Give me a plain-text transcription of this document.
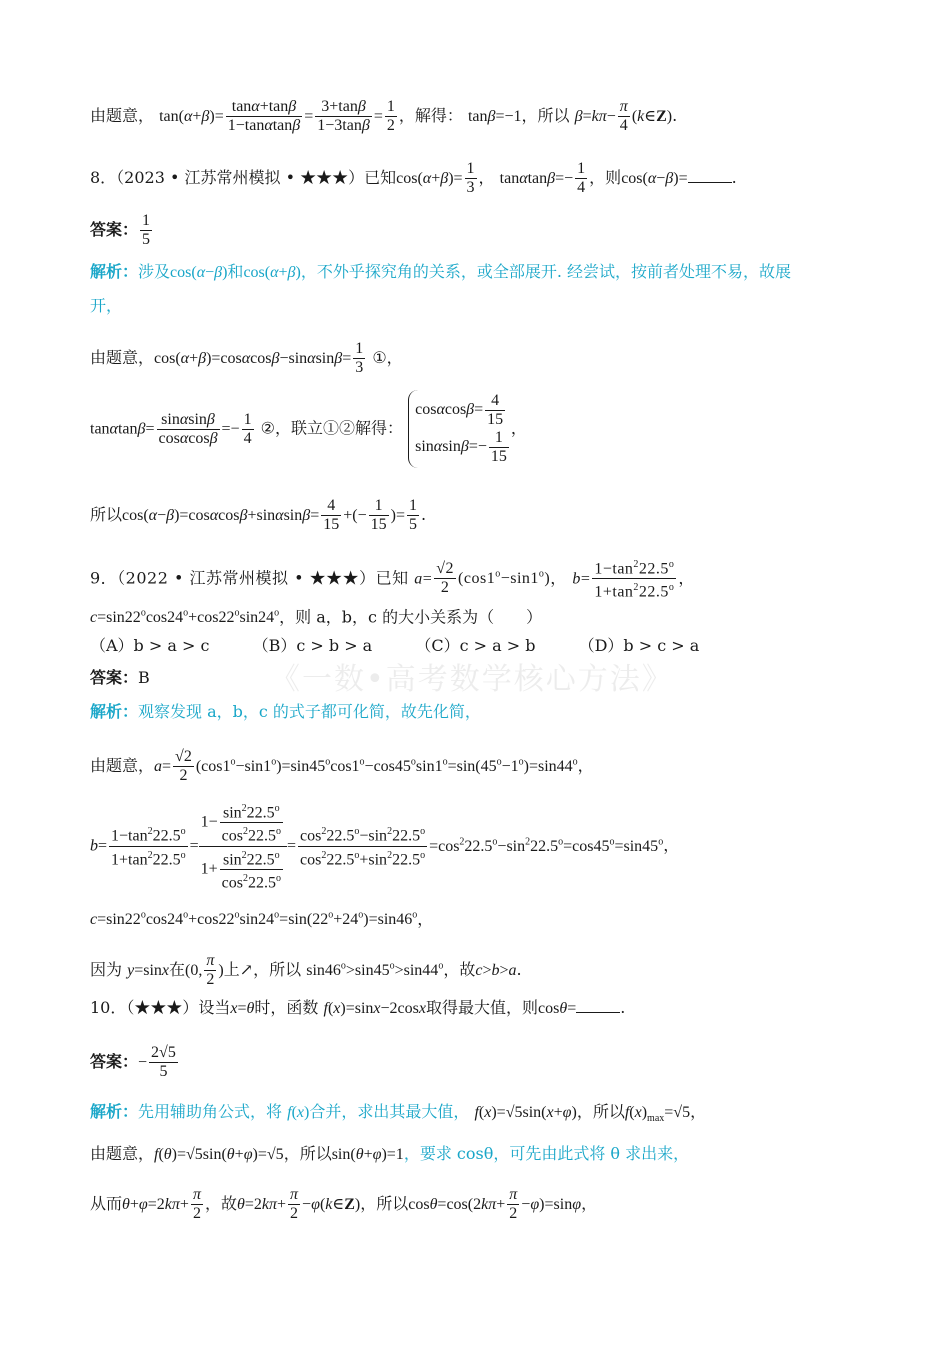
《一数•高考数学核心方法》
由题意， $\tan(\alpha+\beta)= \frac{\tan\alpha+\tan\beta}{1-\tan\alpha\tan\beta} = \frac{3+\tan\beta}{1-3\tan\beta} = \frac{1}{2}$ ，解得： tanβ=−1，所以 $\beta=k\pi- \frac{\pi}{4}$ (k∈Z).
8．（2023 • 江苏常州模拟 • ★★★）已知$\cos(\alpha+\beta)= \frac{1}{3}$ ， $\tan\alpha\tan\beta=- \frac{1}{4}$ ，则cos(α−β)=	.
答案： $\frac{1}{5}$
解析：涉及cos(α−β)和cos(α+β)，不外乎探究角的关系，或全部展开. 经尝试，按前者处理不易，故展
开，
由题意，$\cos(\alpha+\beta)=\cos\alpha\cos\beta-\sin\alpha\sin\beta= \frac{1}{3}$ ①，
$\tan\alpha\tan\beta= \frac{\sin\alpha\sin\beta}{\cos\alpha\cos\beta} =- \frac{1}{4}$ ②，联立①②解得：
$\cos\alpha\cos\beta= \frac{4}{15}$
$\sin\alpha\sin\beta=- \frac{1}{15}$
，
所以$\cos(\alpha-\beta)=\cos\alpha\cos\beta+\sin\alpha\sin\beta= \frac{4}{15}$ +(− $\frac{1}{15}$ )= $\frac{1}{5}$ .
9．（2022 • 江苏常州模拟 • ★★★）已知 $a= \frac{√2}{2} (\cos 1^o-\sin 1^o)$， $b= \frac{1-\tan^222.5^o}{1+\tan^222.5^o}$ ，
$c=\sin 22^o\cos 24^o+\cos 22^o\sin 24^o$，则 a，b，c 的大小关系为（　　）
（A）b > a > c	（B）c > b > a	（C）c > a > b	（D）b > c > a
答案：B
解析：观察发现 a，b，c 的式子都可化简，故先化简，
由题意，$a= \frac{√2}{2} (\cos 1^o-\sin 1^o)=\sin 45^o\cos 1^o-\cos 45^o\sin 1^o=\sin(45^o-1^o)=\sin 44^o$，
$b= \frac{1-\tan^222.5^o}{1+\tan^222.5^o} = \frac{1- \frac{\sin^222.5^o}{\cos^222.5^o}}{1+ \frac{\sin^222.5^o}{\cos^222.5^o}} = \frac{\cos^222.5^o-\sin^222.5^o}{\cos^222.5^o+\sin^222.5^o} =\cos^222.5^o-\sin^222.5^o=\cos 45^o=\sin 45^o$，
$c=\sin 22^o\cos 24^o+\cos 22^o\sin 24^o=\sin(22^o+24^o)=\sin 46^o$，
因为 y=sinx在(0, $\frac{\pi}{2}$ )上↗，所以 $\sin 46^o>\sin 45^o>\sin 44^o$，故c>b>a.
10．（★★★）设当x=θ时，函数 f(x)=sinx−2cosx取得最大值，则cosθ=	.
答案：− $\frac{2√5}{5}$
解析：先用辅助角公式，将 f(x)合并，求出其最大值， f(x)=√5sin(x+φ)，所以$f(x)_{max}=√5$，
由题意，f(θ)=√5sin(θ+φ)=√5，所以sin(θ+φ)=1，要求 cosθ，可先由此式将 θ 求出来，
从而$\theta+\varphi=2k\pi+ \frac{\pi}{2}$ ，故$\theta=2k\pi+ \frac{\pi}{2}$ −φ(k∈Z)，所以$\cos\theta=\cos(2k\pi+ \frac{\pi}{2} -\varphi)=\sin\varphi$，
